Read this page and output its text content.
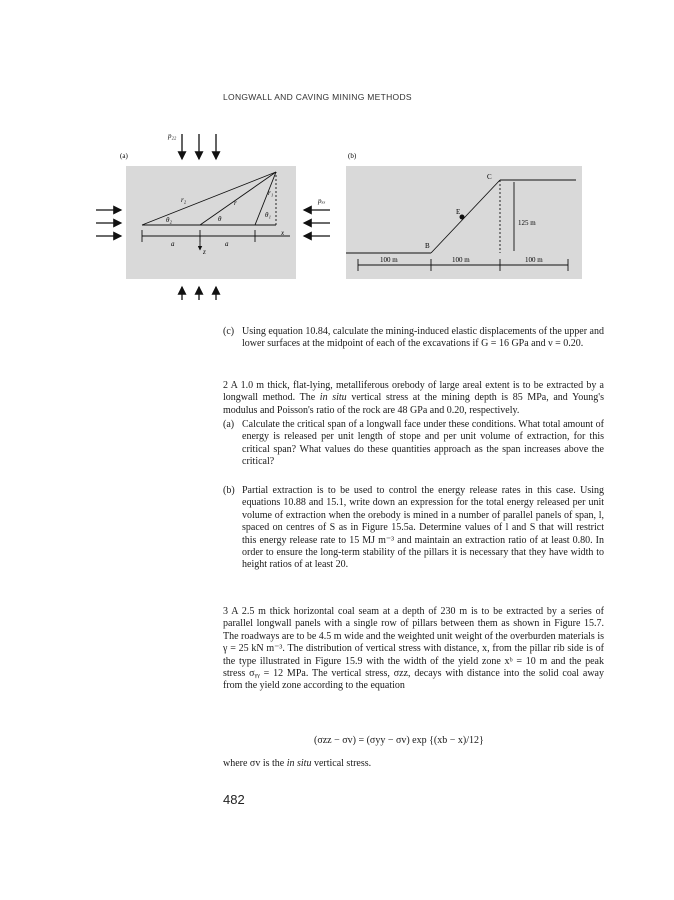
LONGWALL AND CAVING MINING METHODS
(a)
p₂₂
pₓₓ
r₂	r
r₁
θ₂	θ	θ₁
a	a
x
z
(b)
C
E
B
125 m
100 m	100 m	100 m
(c) Using equation 10.84, calculate the mining-induced elastic displacements of the upper and lower surfaces at the midpoint of each of the excavations if G = 16 GPa and ν = 0.20.
2 A 1.0 m thick, flat-lying, metalliferous orebody of large areal extent is to be extracted by a longwall method. The in situ vertical stress at the mining depth is 85 MPa, and Young's modulus and Poisson's ratio of the rock are 48 GPa and 0.20, respectively.
(a) Calculate the critical span of a longwall face under these conditions. What total amount of energy is released per unit length of stope and per unit volume of extraction, for this critical span? What values do these quantities approach as the span increases above the critical?
(b) Partial extraction is to be used to control the energy release rates in this case. Using equations 10.88 and 15.1, write down an expression for the total energy released per unit volume of extraction when the orebody is mined in a number of parallel panels of span, l, spaced on centres of S as in Figure 15.5a. Determine values of l and S that will restrict this energy release rate to 15 MJ m⁻³ and maintain an extraction ratio of at least 0.80. In order to ensure the long-term stability of the pillars it is necessary that they have width to height ratios of at least 20.
3 A 2.5 m thick horizontal coal seam at a depth of 230 m is to be extracted by a series of parallel longwall panels with a single row of pillars between them as shown in Figure 15.7. The roadways are to be 4.5 m wide and the weighted unit weight of the overburden materials is γ = 25 kN m⁻³. The distribution of vertical stress with distance, x, from the pillar rib side is of the type illustrated in Figure 15.9 with the width of the yield zone xᵇ = 10 m and the peak stress σᵧᵧ = 12 MPa. The vertical stress, σzz, decays with distance into the solid coal away from the yield zone according to the equation
(σzz − σv) = (σyy − σv) exp {(xb − x)/12}
where σv is the in situ vertical stress.
482
